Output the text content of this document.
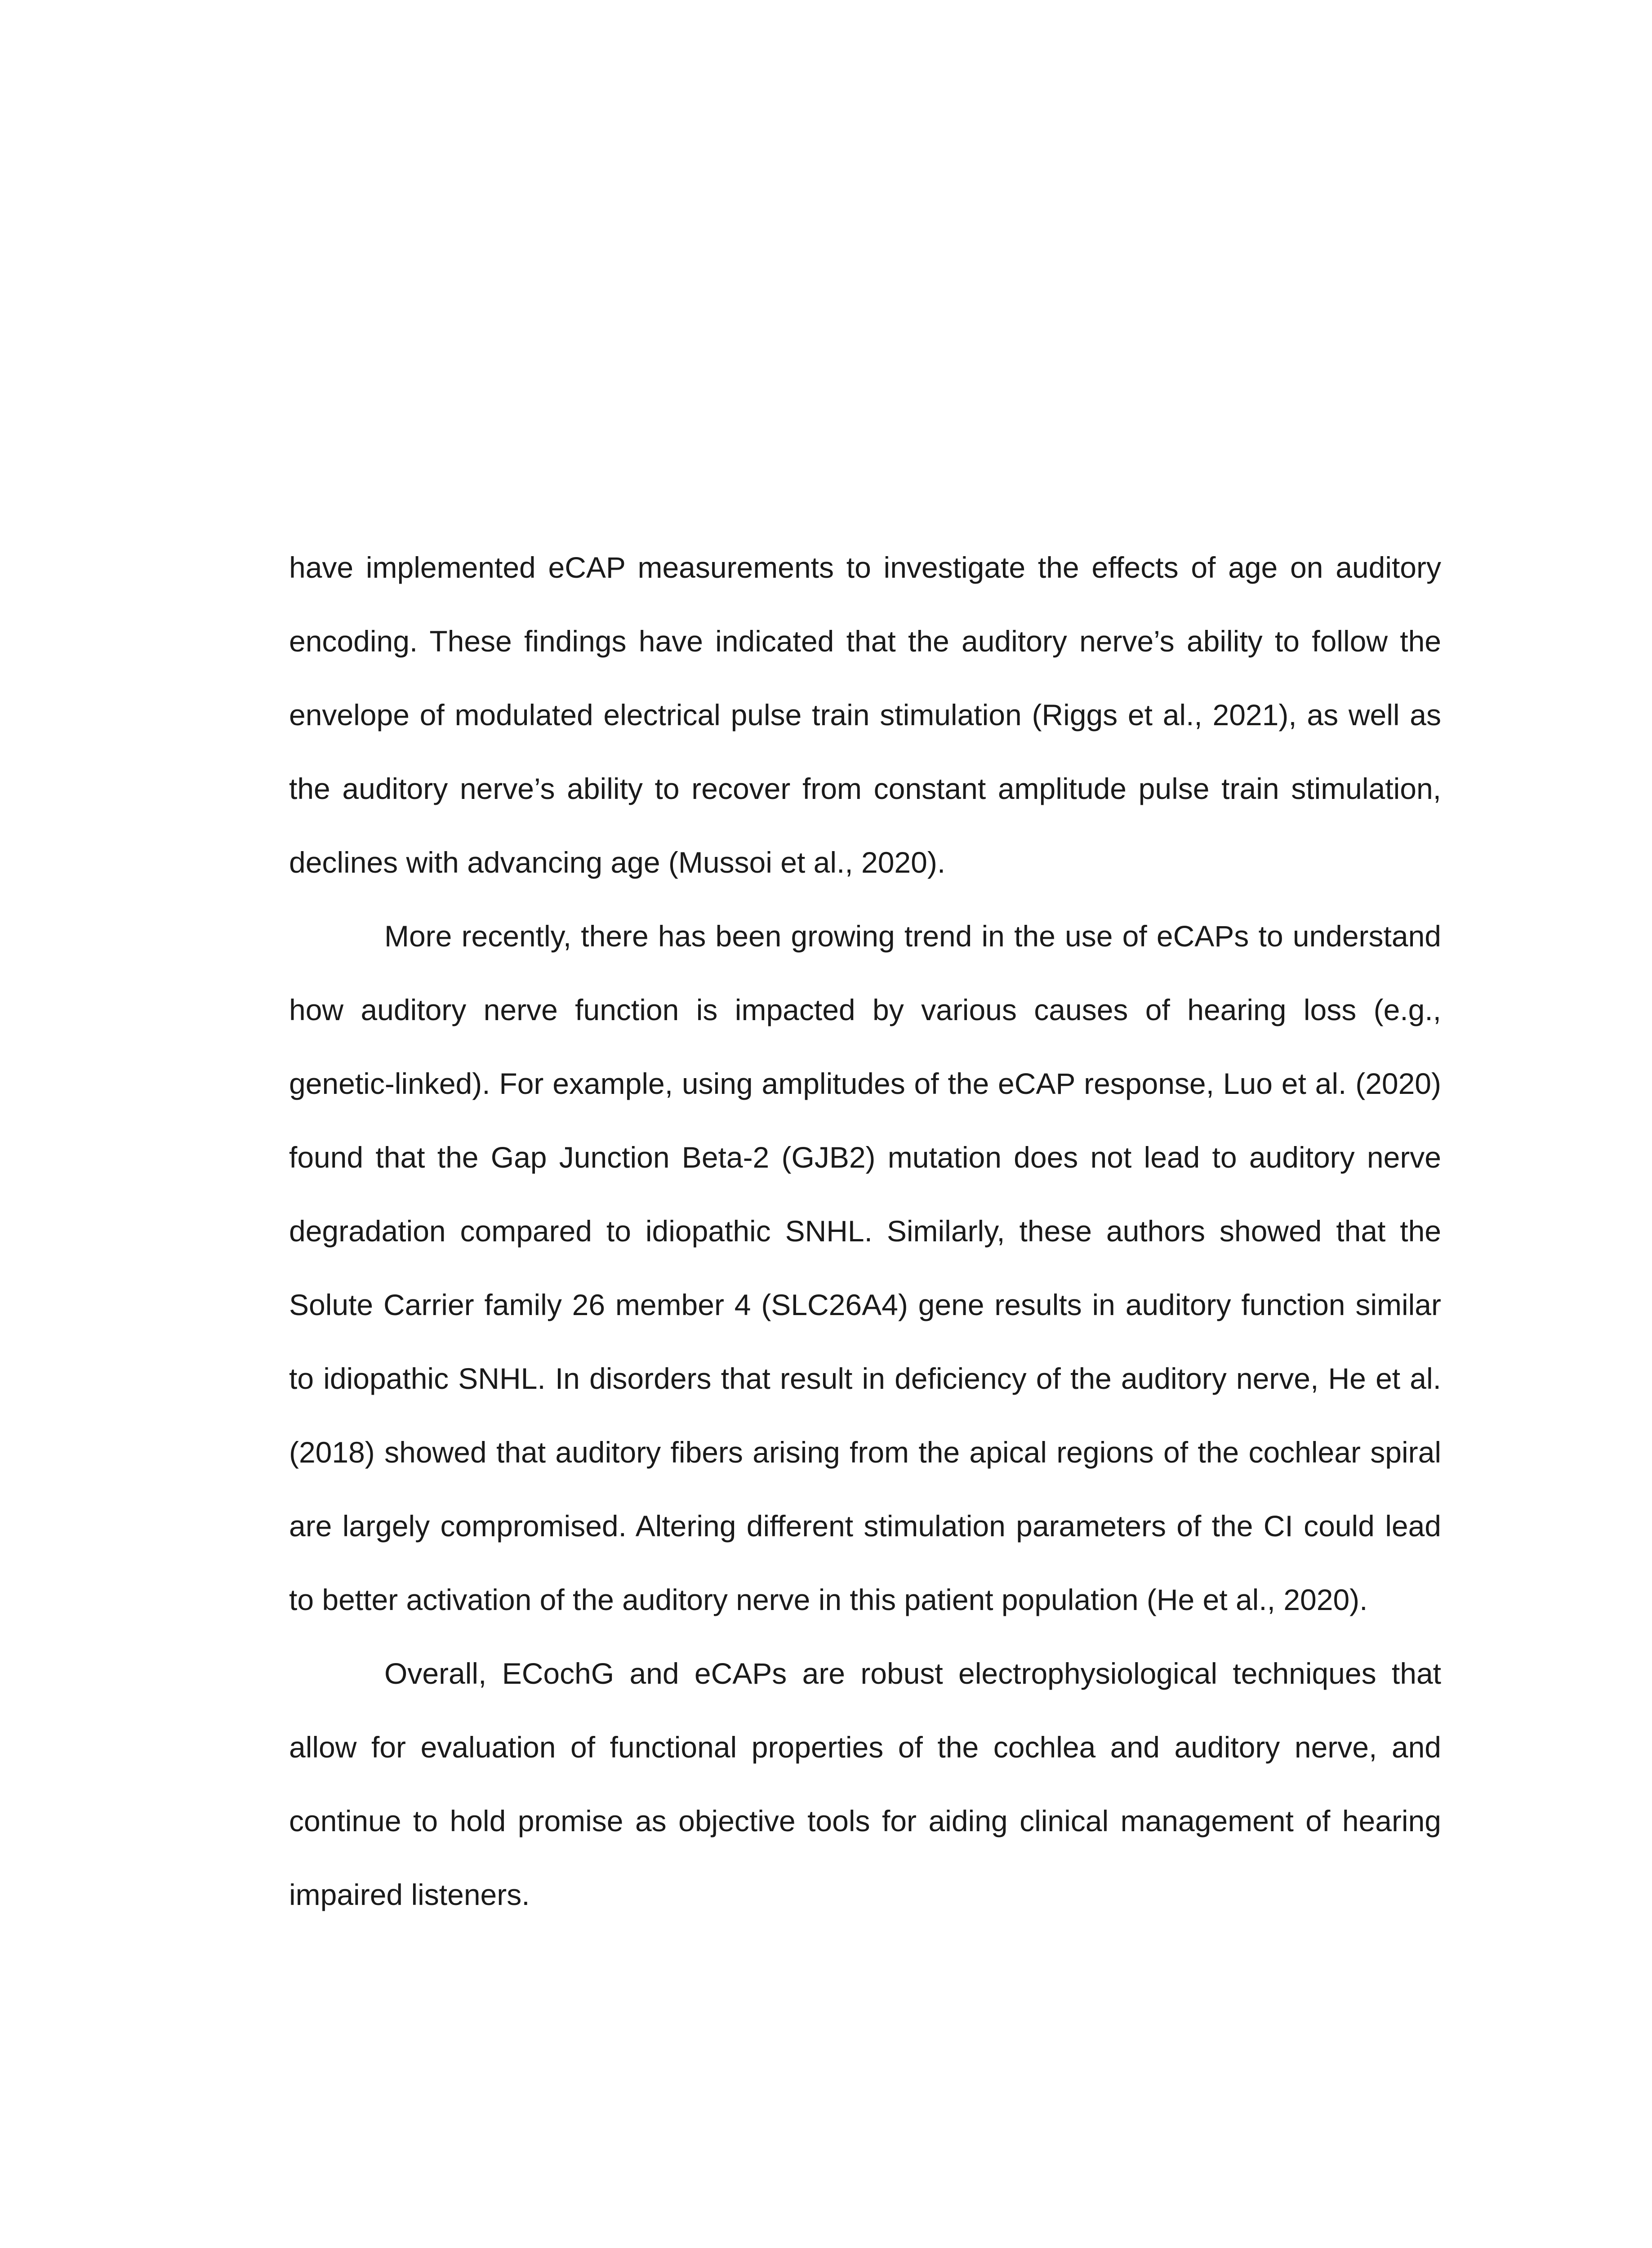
have implemented eCAP measurements to investigate the effects of age on auditory encoding. These findings have indicated that the auditory nerve’s ability to follow the envelope of modulated electrical pulse train stimulation (Riggs et al., 2021), as well as the auditory nerve’s ability to recover from constant amplitude pulse train stimulation, declines with advancing age (Mussoi et al., 2020).

More recently, there has been growing trend in the use of eCAPs to understand how auditory nerve function is impacted by various causes of hearing loss (e.g., genetic-linked). For example, using amplitudes of the eCAP response, Luo et al. (2020) found that the Gap Junction Beta-2 (GJB2) mutation does not lead to auditory nerve degradation compared to idiopathic SNHL. Similarly, these authors showed that the Solute Carrier family 26 member 4 (SLC26A4) gene results in auditory function similar to idiopathic SNHL. In disorders that result in deficiency of the auditory nerve, He et al. (2018) showed that auditory fibers arising from the apical regions of the cochlear spiral are largely compromised. Altering different stimulation parameters of the CI could lead to better activation of the auditory nerve in this patient population (He et al., 2020).

Overall, ECochG and eCAPs are robust electrophysiological techniques that allow for evaluation of functional properties of the cochlea and auditory nerve, and continue to hold promise as objective tools for aiding clinical management of hearing impaired listeners.
